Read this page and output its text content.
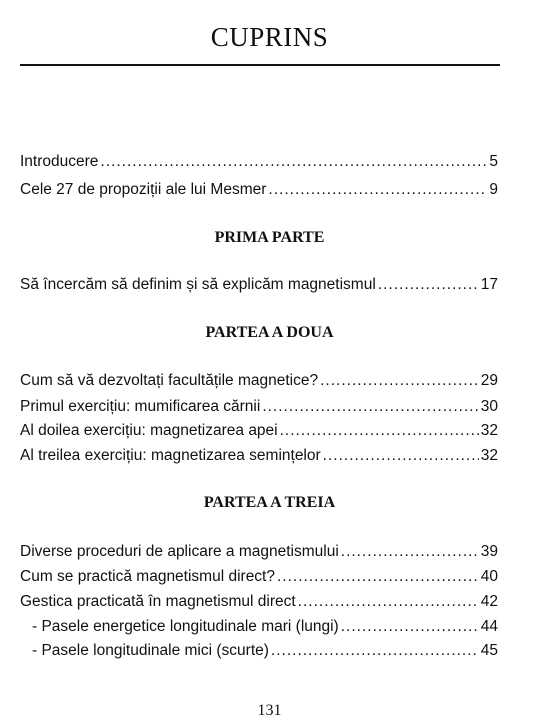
CUPRINS
Introducere .....	5
Cele 27 de propoziții ale lui Mesmer .....	9
PRIMA PARTE
Să încercăm să definim și să explicăm magnetismul .....	17
PARTEA A DOUA
Cum să vă dezvoltați facultățile magnetice? .....	29
Primul exercițiu: mumificarea cărnii .....	30
Al doilea exercițiu: magnetizarea apei .....	32
Al treilea exercițiu: magnetizarea semințelor .....	32
PARTEA A TREIA
Diverse proceduri de aplicare a magnetismului .....	39
Cum se practică magnetismul direct? .....	40
Gestica practicată în magnetismul direct .....	42
- Pasele energetice longitudinale mari (lungi) .....	44
- Pasele longitudinale mici (scurte) .....	45
131
